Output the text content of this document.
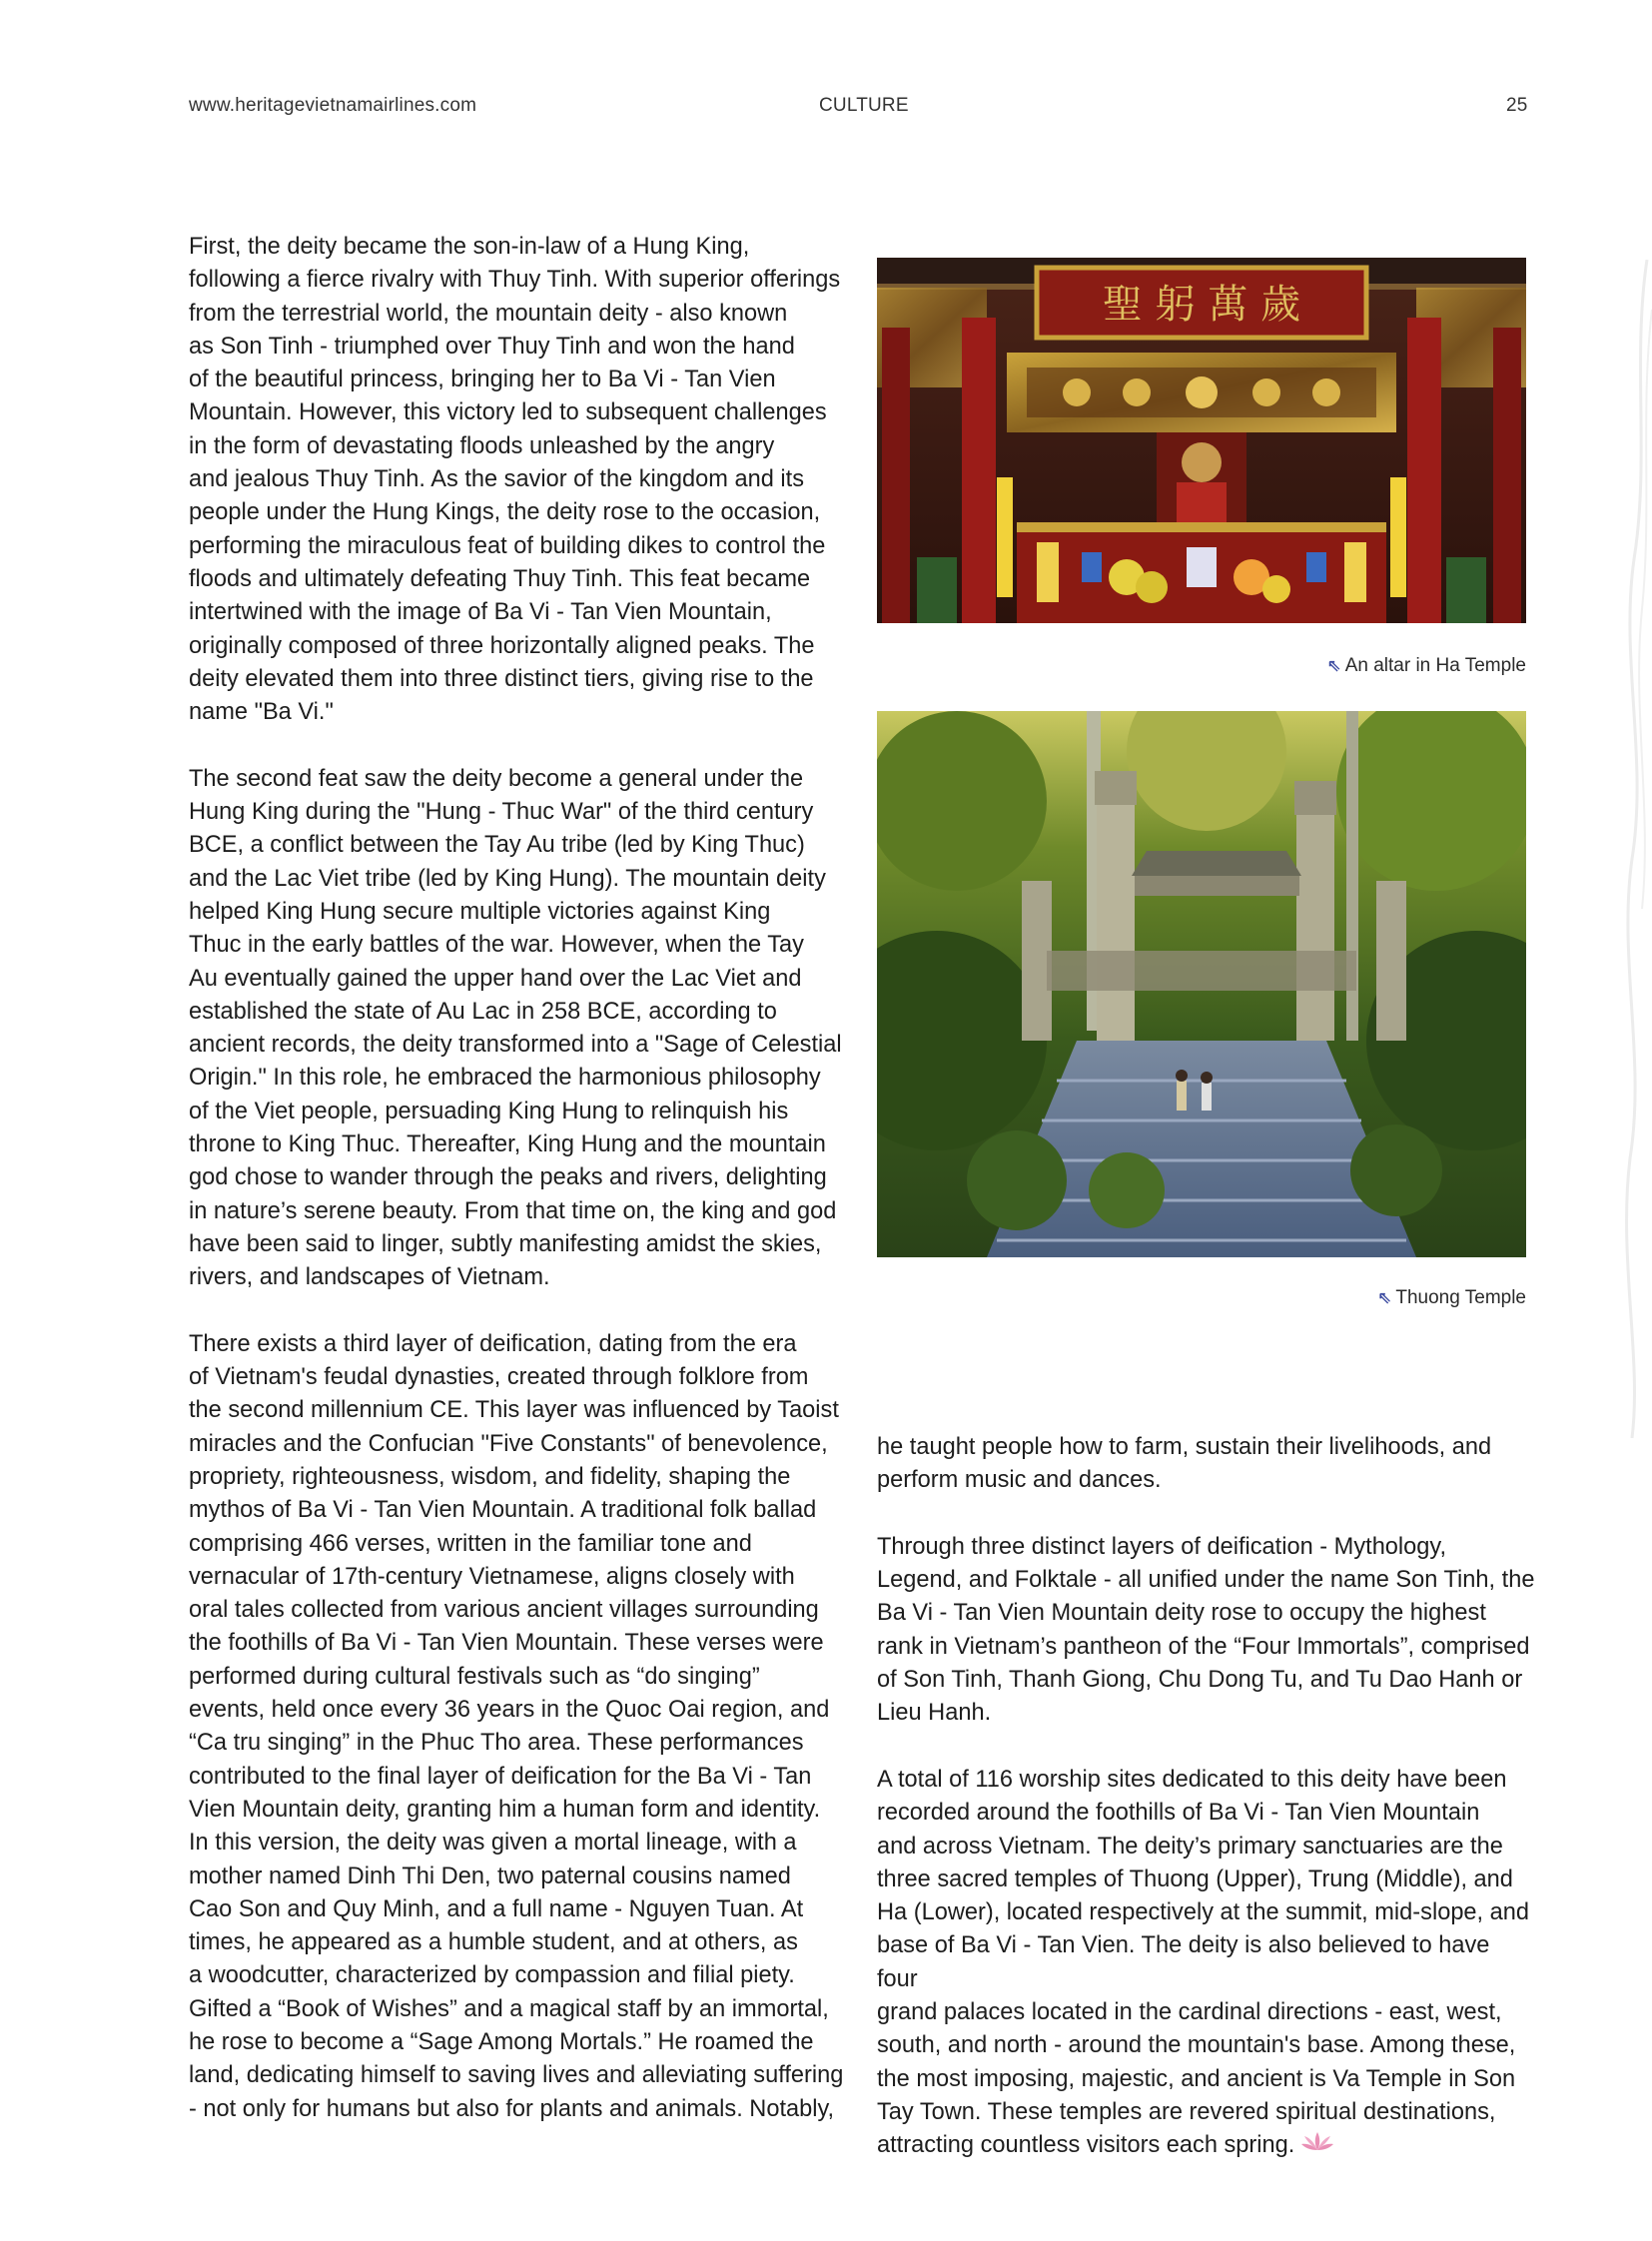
www.heritagevietnamairlines.com	CULTURE	25

First, the deity became the son-in-law of a Hung King,
following a fierce rivalry with Thuy Tinh. With superior offerings
from the terrestrial world, the mountain deity - also known
as Son Tinh - triumphed over Thuy Tinh and won the hand
of the beautiful princess, bringing her to Ba Vi - Tan Vien
Mountain. However, this victory led to subsequent challenges
in the form of devastating floods unleashed by the angry
and jealous Thuy Tinh. As the savior of the kingdom and its
people under the Hung Kings, the deity rose to the occasion,
performing the miraculous feat of building dikes to control the
floods and ultimately defeating Thuy Tinh. This feat became
intertwined with the image of Ba Vi - Tan Vien Mountain,
originally composed of three horizontally aligned peaks. The
deity elevated them into three distinct tiers, giving rise to the
name "Ba Vi."

The second feat saw the deity become a general under the
Hung King during the "Hung - Thuc War" of the third century
BCE, a conflict between the Tay Au tribe (led by King Thuc)
and the Lac Viet tribe (led by King Hung). The mountain deity
helped King Hung secure multiple victories against King
Thuc in the early battles of the war. However, when the Tay
Au eventually gained the upper hand over the Lac Viet and
established the state of Au Lac in 258 BCE, according to
ancient records, the deity transformed into a "Sage of Celestial
Origin." In this role, he embraced the harmonious philosophy
of the Viet people, persuading King Hung to relinquish his
throne to King Thuc. Thereafter, King Hung and the mountain
god chose to wander through the peaks and rivers, delighting
in nature’s serene beauty. From that time on, the king and god
have been said to linger, subtly manifesting amidst the skies,
rivers, and landscapes of Vietnam.

There exists a third layer of deification, dating from the era
of Vietnam's feudal dynasties, created through folklore from
the second millennium CE. This layer was influenced by Taoist
miracles and the Confucian "Five Constants" of benevolence,
propriety, righteousness, wisdom, and fidelity, shaping the
mythos of Ba Vi - Tan Vien Mountain. A traditional folk ballad
comprising 466 verses, written in the familiar tone and
vernacular of 17th-century Vietnamese, aligns closely with
oral tales collected from various ancient villages surrounding
the foothills of Ba Vi - Tan Vien Mountain. These verses were
performed during cultural festivals such as “do singing”
events, held once every 36 years in the Quoc Oai region, and
“Ca tru singing” in the Phuc Tho area. These performances
contributed to the final layer of deification for the Ba Vi - Tan
Vien Mountain deity, granting him a human form and identity.
In this version, the deity was given a mortal lineage, with a
mother named Dinh Thi Den, two paternal cousins named
Cao Son and Quy Minh, and a full name - Nguyen Tuan. At
times, he appeared as a humble student, and at others, as
a woodcutter, characterized by compassion and filial piety.
Gifted a “Book of Wishes” and a magical staff by an immortal,
he rose to become a “Sage Among Mortals.” He roamed the
land, dedicating himself to saving lives and alleviating suffering
- not only for humans but also for plants and animals. Notably,

聖 躬 萬 歲
⇖ An altar in Ha Temple
⇖ Thuong Temple

he taught people how to farm, sustain their livelihoods, and
perform music and dances.

Through three distinct layers of deification - Mythology,
Legend, and Folktale - all unified under the name Son Tinh, the
Ba Vi - Tan Vien Mountain deity rose to occupy the highest
rank in Vietnam’s pantheon of the “Four Immortals”, comprised
of Son Tinh, Thanh Giong, Chu Dong Tu, and Tu Dao Hanh or
Lieu Hanh.

A total of 116 worship sites dedicated to this deity have been
recorded around the foothills of Ba Vi - Tan Vien Mountain
and across Vietnam. The deity’s primary sanctuaries are the
three sacred temples of Thuong (Upper), Trung (Middle), and
Ha (Lower), located respectively at the summit, mid-slope, and
base of Ba Vi - Tan Vien. The deity is also believed to have four
grand palaces located in the cardinal directions - east, west,
south, and north - around the mountain's base. Among these,
the most imposing, majestic, and ancient is Va Temple in Son
Tay Town. These temples are revered spiritual destinations,
attracting countless visitors each spring.
